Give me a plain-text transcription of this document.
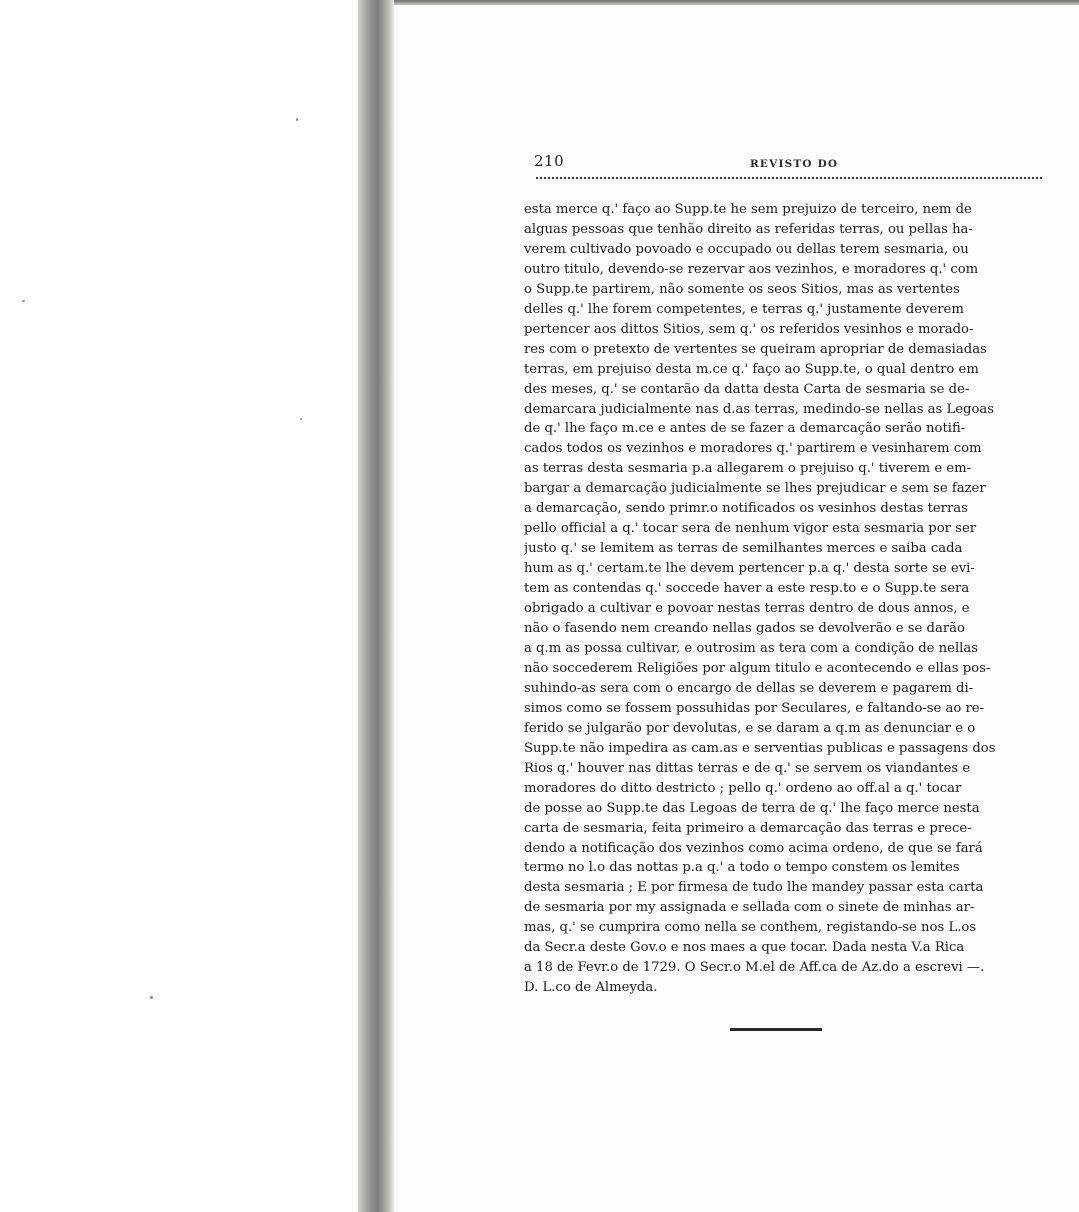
210	REVISTO DO
esta merce q.' faço ao Supp.te he sem prejuizo de terceiro, nem de
alguas pessoas que tenhão direito as referidas terras, ou pellas ha-
verem cultivado povoado e occupado ou dellas terem sesmaria, ou
outro titulo, devendo-se rezervar aos vezinhos, e moradores q.' com
o Supp.te partirem, não somente os seos Sitios, mas as vertentes
delles q.' lhe forem competentes, e terras q.' justamente deverem
pertencer aos dittos Sitios, sem q.' os referidos vesinhos e morado-
res com o pretexto de vertentes se queiram apropriar de demasiadas
terras, em prejuiso desta m.ce q.' faço ao Supp.te, o qual dentro em
des meses, q.' se contarão da datta desta Carta de sesmaria se de-
demarcara judicialmente nas d.as terras, medindo-se nellas as Legoas
de q.' lhe faço m.ce e antes de se fazer a demarcação serão notifi-
cados todos os vezinhos e moradores q.' partirem e vesinharem com
as terras desta sesmaria p.a allegarem o prejuiso q.' tiverem e em-
bargar a demarcação judicialmente se lhes prejudicar e sem se fazer
a demarcação, sendo primr.o notificados os vesinhos destas terras
pello official a q.' tocar sera de nenhum vigor esta sesmaria por ser
justo q.' se lemitem as terras de semilhantes merces e saiba cada
hum as q.' certam.te lhe devem pertencer p.a q.' desta sorte se evi-
tem as contendas q.' soccede haver a este resp.to e o Supp.te sera
obrigado a cultivar e povoar nestas terras dentro de dous annos, e
não o fasendo nem creando nellas gados se devolverão e se darão
a q.m as possa cultivar, e outrosim as tera com a condição de nellas
não soccederem Religiões por algum titulo e acontecendo e ellas pos-
suhindo-as sera com o encargo de dellas se deverem e pagarem di-
simos como se fossem possuhidas por Seculares, e faltando-se ao re-
ferido se julgarão por devolutas, e se daram a q.m as denunciar e o
Supp.te não impedira as cam.as e serventias publicas e passagens dos
Rios q.' houver nas dittas terras e de q.' se servem os viandantes e
moradores do ditto destricto ; pello q.' ordeno ao off.al a q.' tocar
de posse ao Supp.te das Legoas de terra de q.' lhe faço merce nesta
carta de sesmaria, feita primeiro a demarcação das terras e prece-
dendo a notificação dos vezinhos como acima ordeno, de que se fará
termo no l.o das nottas p.a q.' a todo o tempo constem os lemites
desta sesmaria ; E por firmesa de tudo lhe mandey passar esta carta
de sesmaria por my assignada e sellada com o sinete de minhas ar-
mas, q.' se cumprira como nella se conthem, registando-se nos L.os
da Secr.a deste Gov.o e nos maes a que tocar. Dada nesta V.a Rica
a 18 de Fevr.o de 1729. O Secr.o M.el de Aff.ca de Az.do a escrevi —.
D. L.co de Almeyda.
